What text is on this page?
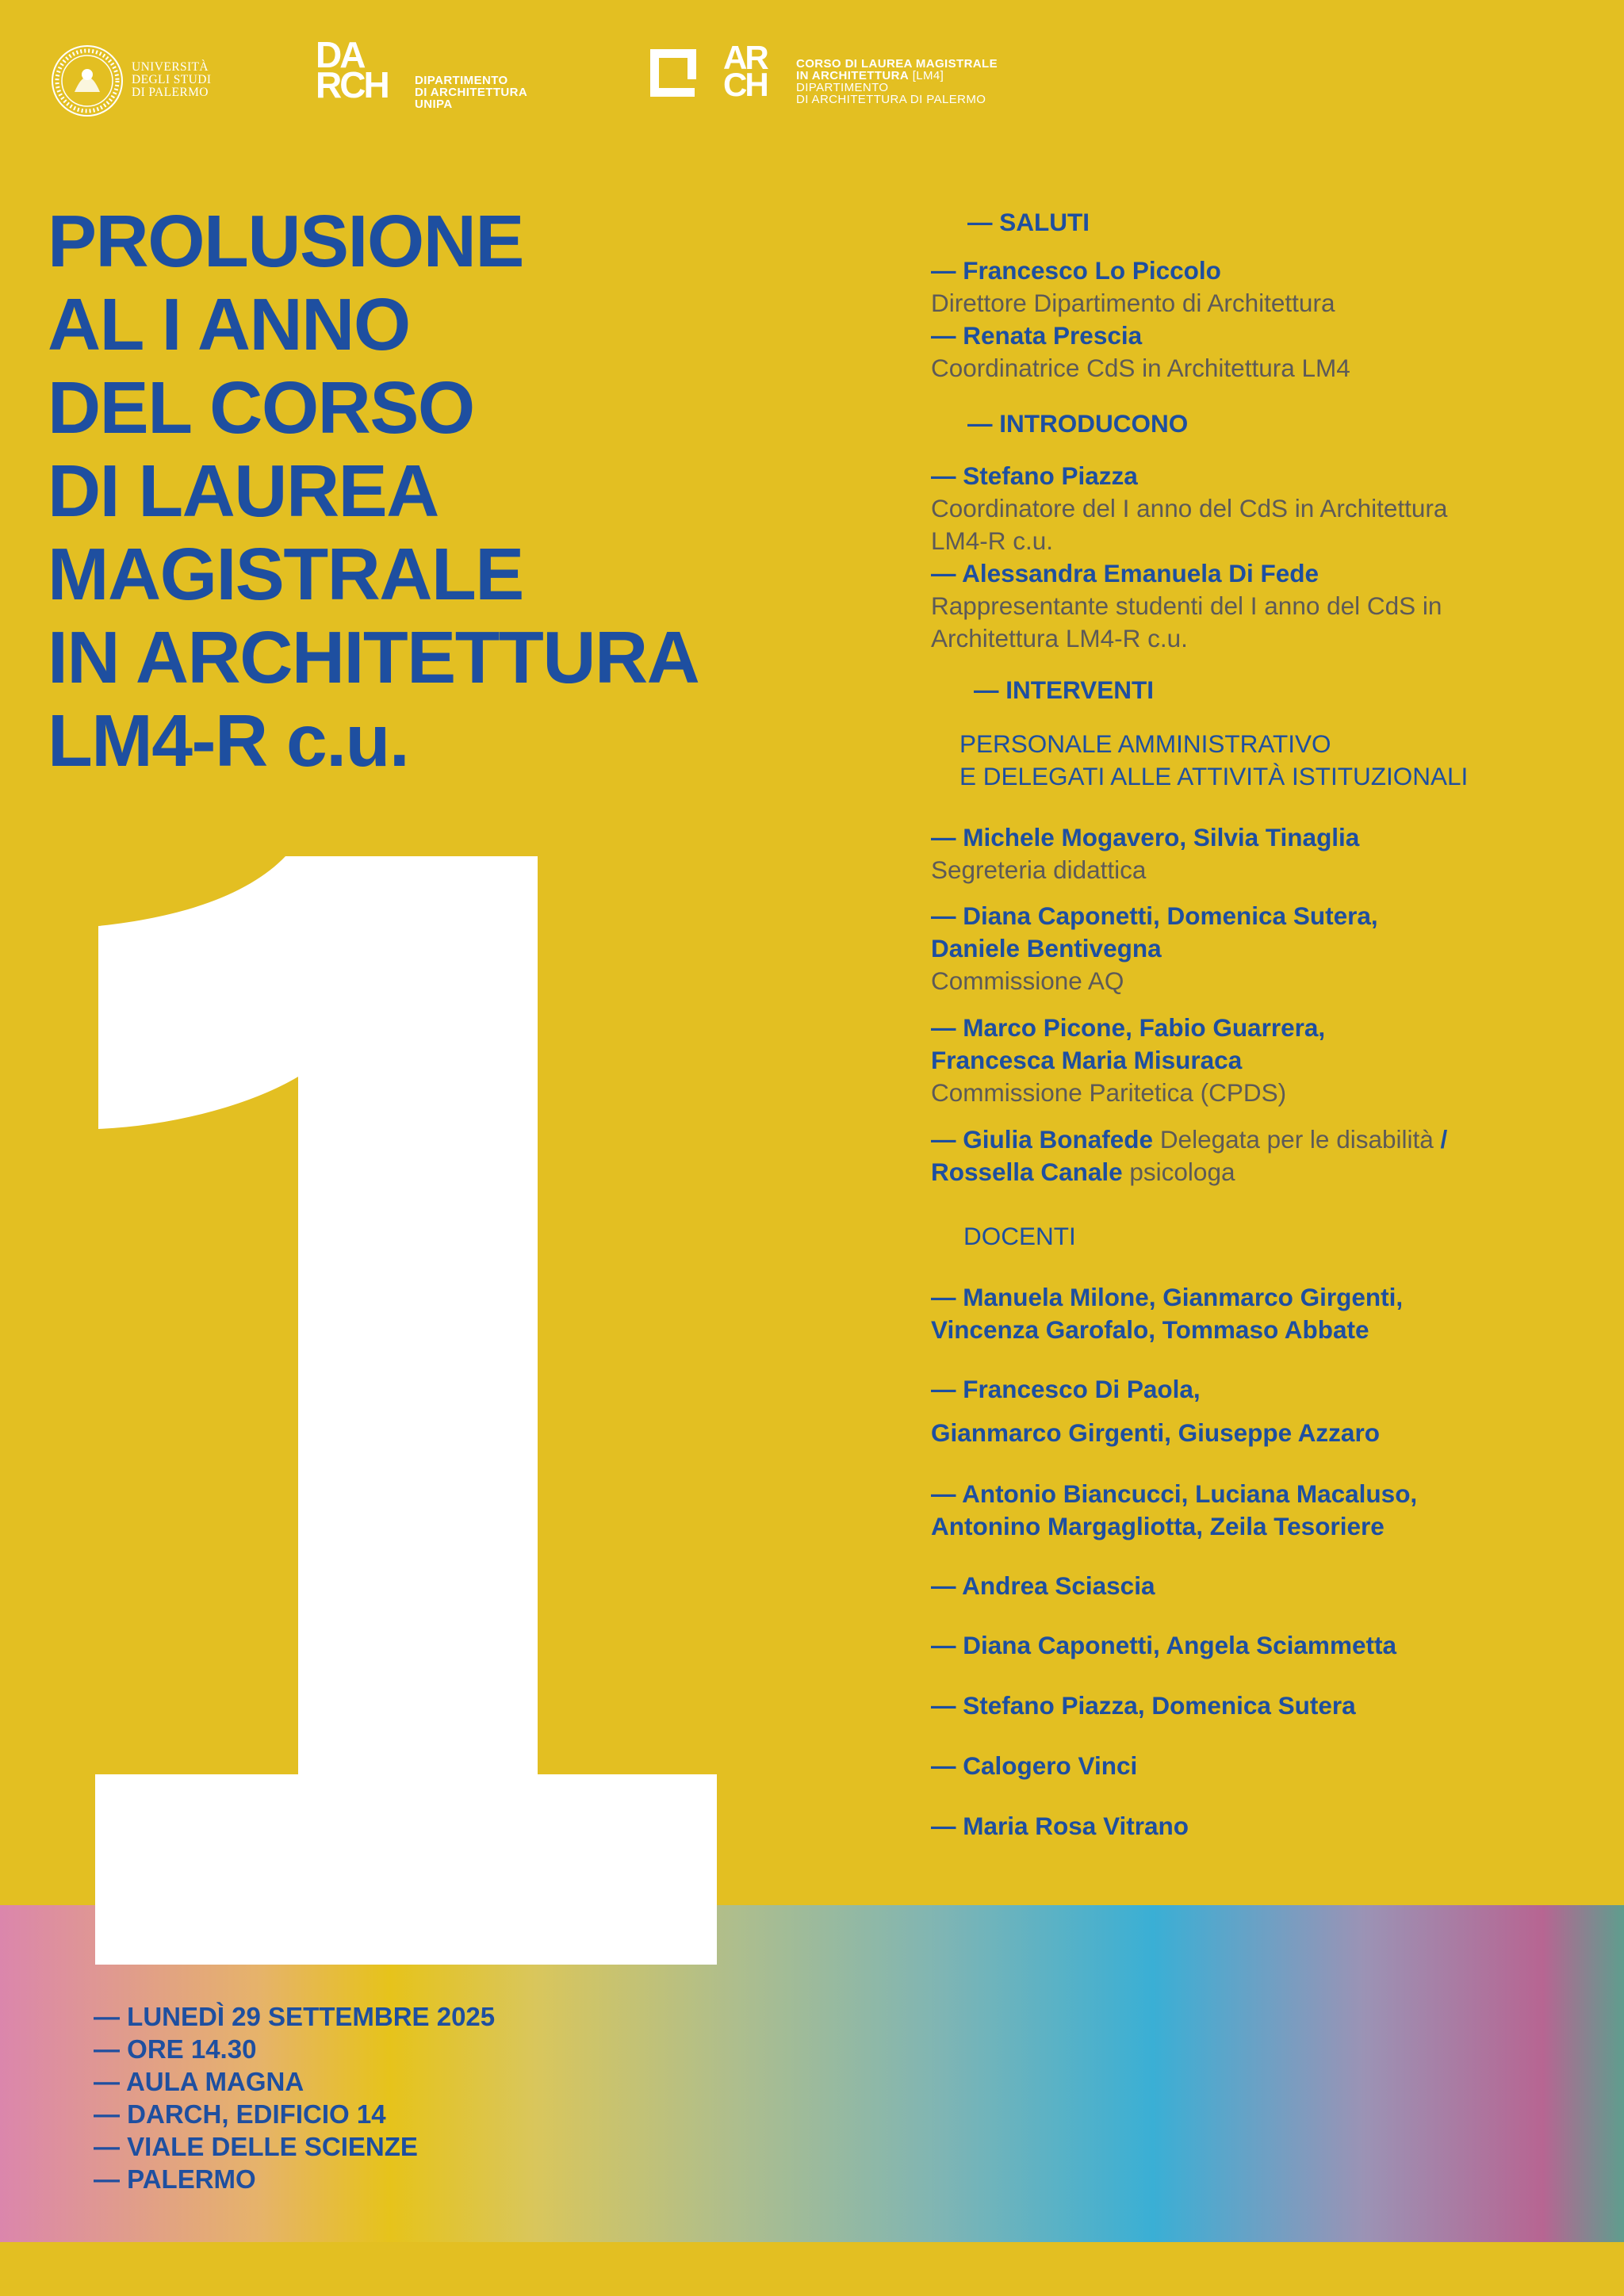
UNIVERSITÀ
DEGLI STUDI
DI PALERMO
DA
RCH DIPARTIMENTO
DI ARCHITETTURA
UNIPA
AR
CH
CORSO DI LAUREA MAGISTRALE
IN ARCHITETTURA [LM4]
DIPARTIMENTO
DI ARCHITETTURA DI PALERMO
PROLUSIONE
AL I ANNO
DEL CORSO
DI LAUREA
MAGISTRALE
IN ARCHITETTURA
LM4-R c.u.
1
— LUNEDÌ 29 SETTEMBRE 2025
— ORE 14.30
— AULA MAGNA
— DARCH, EDIFICIO 14
— VIALE DELLE SCIENZE
— PALERMO
— SALUTI
— Francesco Lo Piccolo
Direttore Dipartimento di Architettura
— Renata Prescia
Coordinatrice CdS in Architettura LM4
— INTRODUCONO
— Stefano Piazza
Coordinatore del I anno del CdS in Architettura
LM4-R c.u.
— Alessandra Emanuela Di Fede
Rappresentante studenti del I anno del CdS in
Architettura LM4-R c.u.
— INTERVENTI
PERSONALE AMMINISTRATIVO
E DELEGATI ALLE ATTIVITÀ ISTITUZIONALI
— Michele Mogavero, Silvia Tinaglia
Segreteria didattica
— Diana Caponetti, Domenica Sutera,
Daniele Bentivegna
Commissione AQ
— Marco Picone, Fabio Guarrera,
Francesca Maria Misuraca
Commissione Paritetica (CPDS)
— Giulia Bonafede Delegata per le disabilità /
Rossella Canale psicologa
DOCENTI
— Manuela Milone, Gianmarco Girgenti,
Vincenza Garofalo, Tommaso Abbate
— Francesco Di Paola,
Gianmarco Girgenti, Giuseppe Azzaro
— Antonio Biancucci, Luciana Macaluso,
Antonino Margagliotta, Zeila Tesoriere
— Andrea Sciascia
— Diana Caponetti, Angela Sciammetta
— Stefano Piazza, Domenica Sutera
— Calogero Vinci
— Maria Rosa Vitrano
